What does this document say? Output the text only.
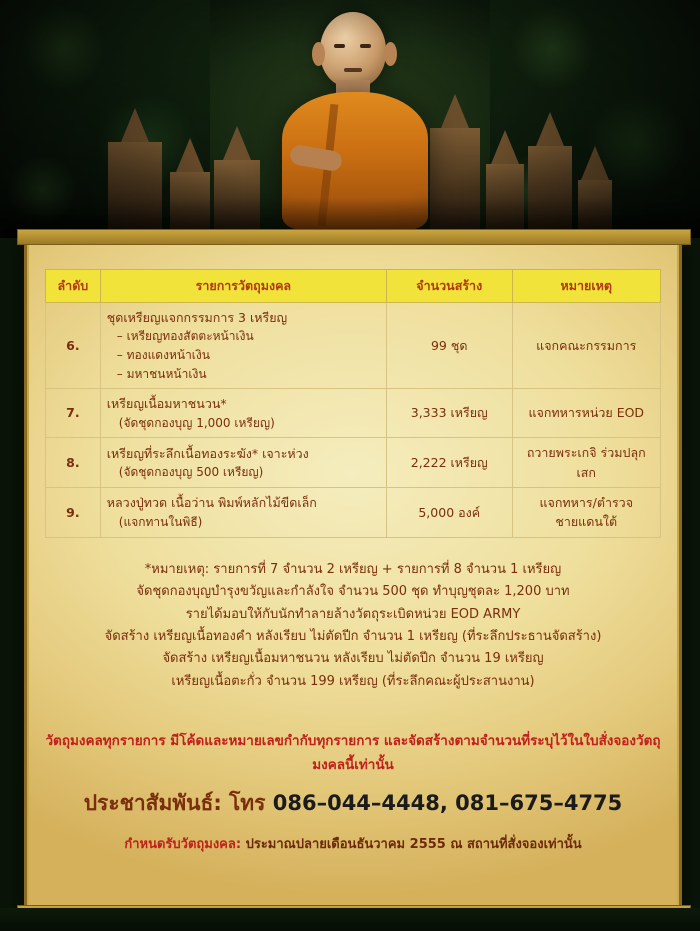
ลำดับ	รายการวัตถุมงคล	จำนวนสร้าง	หมายเหตุ
6.	ชุดเหรียญแจกกรรมการ 3 เหรียญ
– เหรียญทองสัตตะหน้าเงิน
– ทองแดงหน้าเงิน
– มหาชนหน้าเงิน	99 ชุด	แจกคณะกรรมการ
7.	เหรียญเนื้อมหาชนวน*
(จัดชุดกองบุญ 1,000 เหรียญ)	3,333 เหรียญ	แจกทหารหน่วย EOD
8.	เหรียญที่ระลึกเนื้อทองระฆัง* เจาะห่วง
(จัดชุดกองบุญ 500 เหรียญ)	2,222 เหรียญ	ถวายพระเกจิ ร่วมปลุกเสก
9.	หลวงปู่ทวด เนื้อว่าน พิมพ์หลักไม้ขีดเล็ก
(แจกทานในพิธี)	5,000 องค์	แจกทหาร/ตำรวจชายแดนใต้
*หมายเหตุ: รายการที่ 7 จำนวน 2 เหรียญ + รายการที่ 8 จำนวน 1 เหรียญ
จัดชุดกองบุญบำรุงขวัญและกำลังใจ จำนวน 500 ชุด ทำบุญชุดละ 1,200 บาท
รายได้มอบให้กับนักทำลายล้างวัตถุระเบิดหน่วย EOD ARMY
จัดสร้าง เหรียญเนื้อทองคำ หลังเรียบ ไม่ตัดปีก จำนวน 1 เหรียญ (ที่ระลึกประธานจัดสร้าง)
จัดสร้าง เหรียญเนื้อมหาชนวน หลังเรียบ ไม่ตัดปีก จำนวน 19 เหรียญ
เหรียญเนื้อตะกั่ว จำนวน 199 เหรียญ (ที่ระลึกคณะผู้ประสานงาน)
วัตถุมงคลทุกรายการ มีโค้ดและหมายเลขกำกับทุกรายการ และจัดสร้างตามจำนวนที่ระบุไว้ในใบสั่งจองวัตถุมงคลนี้เท่านั้น
ประชาสัมพันธ์: โทร 086–044–4448, 081–675–4775
กำหนดรับวัตถุมงคล: ประมาณปลายเดือนธันวาคม 2555 ณ สถานที่สั่งจองเท่านั้น
